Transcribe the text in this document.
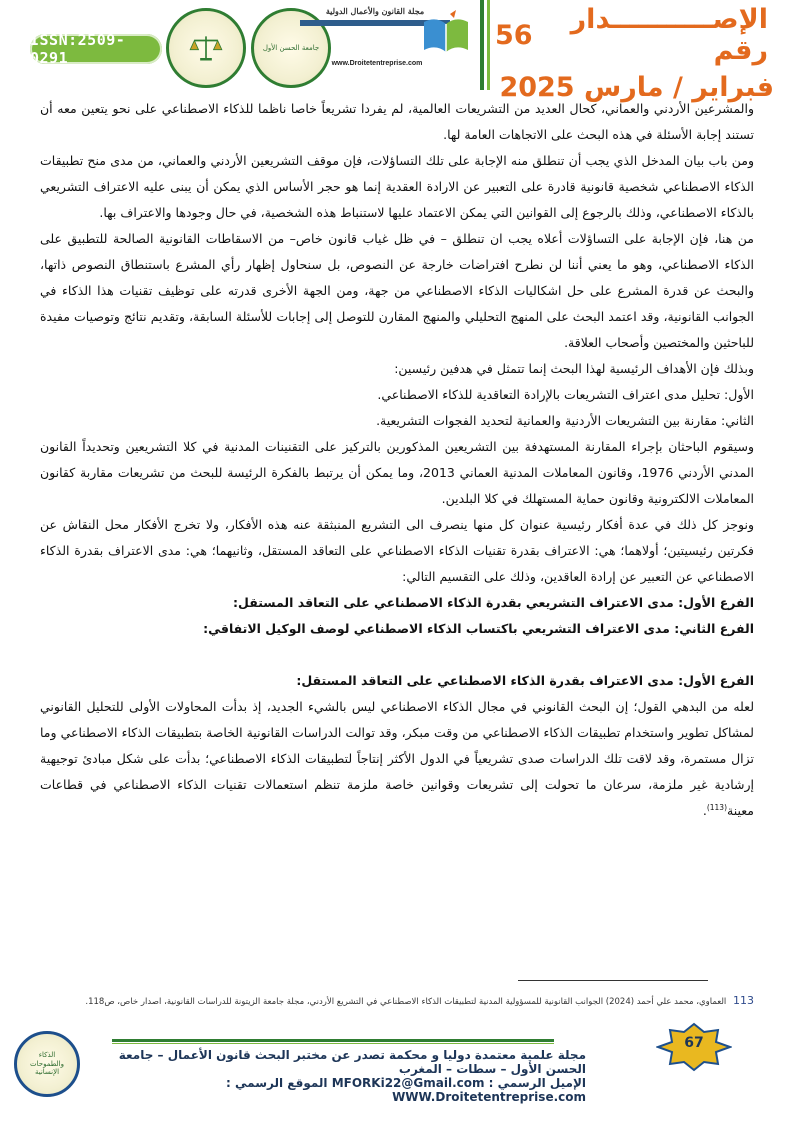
ISSN:2509-0291
جامعة الحسن الأول
مجلة القانون والأعمال الدولية
www.Droitetentreprise.com
الإصـــــــــــدار رقم
56
فبراير / مارس 2025

والمشرعين الأردني والعماني، كحال العديد من التشريعات العالمية، لم يفردا تشريعاً خاصا ناظما للذكاء الاصطناعي على نحو يتعين معه أن تستند إجابة الأسئلة في هذه البحث على الاتجاهات العامة لها.

ومن باب بيان المدخل الذي يجب أن تنطلق منه الإجابة على تلك التساؤلات، فإن موقف التشريعين الأردني والعماني، من مدى منح تطبيقات الذكاء الاصطناعي شخصية قانونية قادرة على التعبير عن الارادة العقدية إنما هو حجر الأساس الذي يمكن أن يبنى عليه الاعتراف التشريعي بالذكاء الاصطناعي، وذلك بالرجوع إلى القوانين التي يمكن الاعتماد عليها لاستنباط هذه الشخصية، في حال وجودها والاعتراف بها.

من هنا، فإن الإجابة على التساؤلات أعلاه يجب ان تنطلق – في ظل غياب قانون خاص– من الاسقاطات القانونية الصالحة للتطبيق على الذكاء الاصطناعي، وهو ما يعني أننا لن نطرح افتراضات خارجة عن النصوص، بل سنحاول إظهار رأي المشرع باستنطاق النصوص ذاتها، والبحث عن قدرة المشرع على حل اشكاليات الذكاء الاصطناعي من جهة، ومن الجهة الأخرى قدرته على توظيف تقنيات هذا الذكاء في الجوانب القانونية، وقد اعتمد البحث على المنهج التحليلي والمنهج المقارن للتوصل إلى إجابات للأسئلة السابقة، وتقديم نتائج وتوصيات مفيدة للباحثين والمختصين وأصحاب العلاقة.

وبذلك فإن الأهداف الرئيسية لهذا البحث إنما تتمثل في هدفين رئيسين:

الأول: تحليل مدى اعتراف التشريعات بالإرادة التعاقدية للذكاء الاصطناعي.

الثاني: مقارنة بين التشريعات الأردنية والعمانية لتحديد الفجوات التشريعية.

وسيقوم الباحثان بإجراء المقارنة المستهدفة بين التشريعين المذكورين بالتركيز على التقنينات المدنية في كلا التشريعين وتحديداً القانون المدني الأردني 1976، وقانون المعاملات المدنية العماني 2013، وما يمكن أن يرتبط بالفكرة الرئيسة للبحث من تشريعات مقاربة كقانون المعاملات الالكترونية وقانون حماية المستهلك في كلا البلدين.

ونوجز كل ذلك في عدة أفكار رئيسية عنوان كل منها ينصرف الى التشريع المنبثقة عنه هذه الأفكار، ولا تخرج الأفكار محل النقاش عن فكرتين رئيسيتين؛ أولاهما؛ هي: الاعتراف بقدرة تقنيات الذكاء الاصطناعي على التعاقد المستقل، وثانيهما؛ هي: مدى الاعتراف بقدرة الذكاء الاصطناعي عن التعبير عن إرادة العاقدين، وذلك على التقسيم التالي:

الفرع الأول: مدى الاعتراف التشريعي بقدرة الذكاء الاصطناعي على التعاقد المستقل:

الفرع الثاني: مدى الاعتراف التشريعي باكتساب الذكاء الاصطناعي لوصف الوكيل الاتفاقي:

الفرع الأول: مدى الاعتراف بقدرة الذكاء الاصطناعي على التعاقد المستقل:

لعله من البدهي القول؛ إن البحث القانوني في مجال الذكاء الاصطناعي ليس بالشيء الجديد، إذ بدأت المحاولات الأولى للتحليل القانوني لمشاكل تطوير واستخدام تطبيقات الذكاء الاصطناعي من وقت مبكر، وقد توالت الدراسات القانونية الخاصة بتطبيقات الذكاء الاصطناعي وما تزال مستمرة، وقد لاقت تلك الدراسات صدى تشريعياً في الدول الأكثر إنتاجاً لتطبيقات الذكاء الاصطناعي؛ بدأت على شكل مبادئ توجيهية إرشادية غير ملزمة، سرعان ما تحولت إلى تشريعات وقوانين خاصة ملزمة تنظم استعمالات تقنيات الذكاء الاصطناعي في قطاعات معينة$^{(113)}$.

113 العماوي، محمد علي أحمد (2024) الجوانب القانونية للمسؤولية المدنية لتطبيقات الذكاء الاصطناعي في التشريع الأردني، مجلة جامعة الزيتونة للدراسات القانونية، اصدار خاص، ص118.
الذكاء والطموحات الإنسانية
مجلة علمية معتمدة دوليا و محكمة تصدر عن مختبر البحث قانون الأعمال – جامعة الحسن الأول – سطات – المغرب
الإميل الرسمي : MFORKi22@Gmail.com الموقع الرسمي : WWW.Droitetentreprise.com
67
